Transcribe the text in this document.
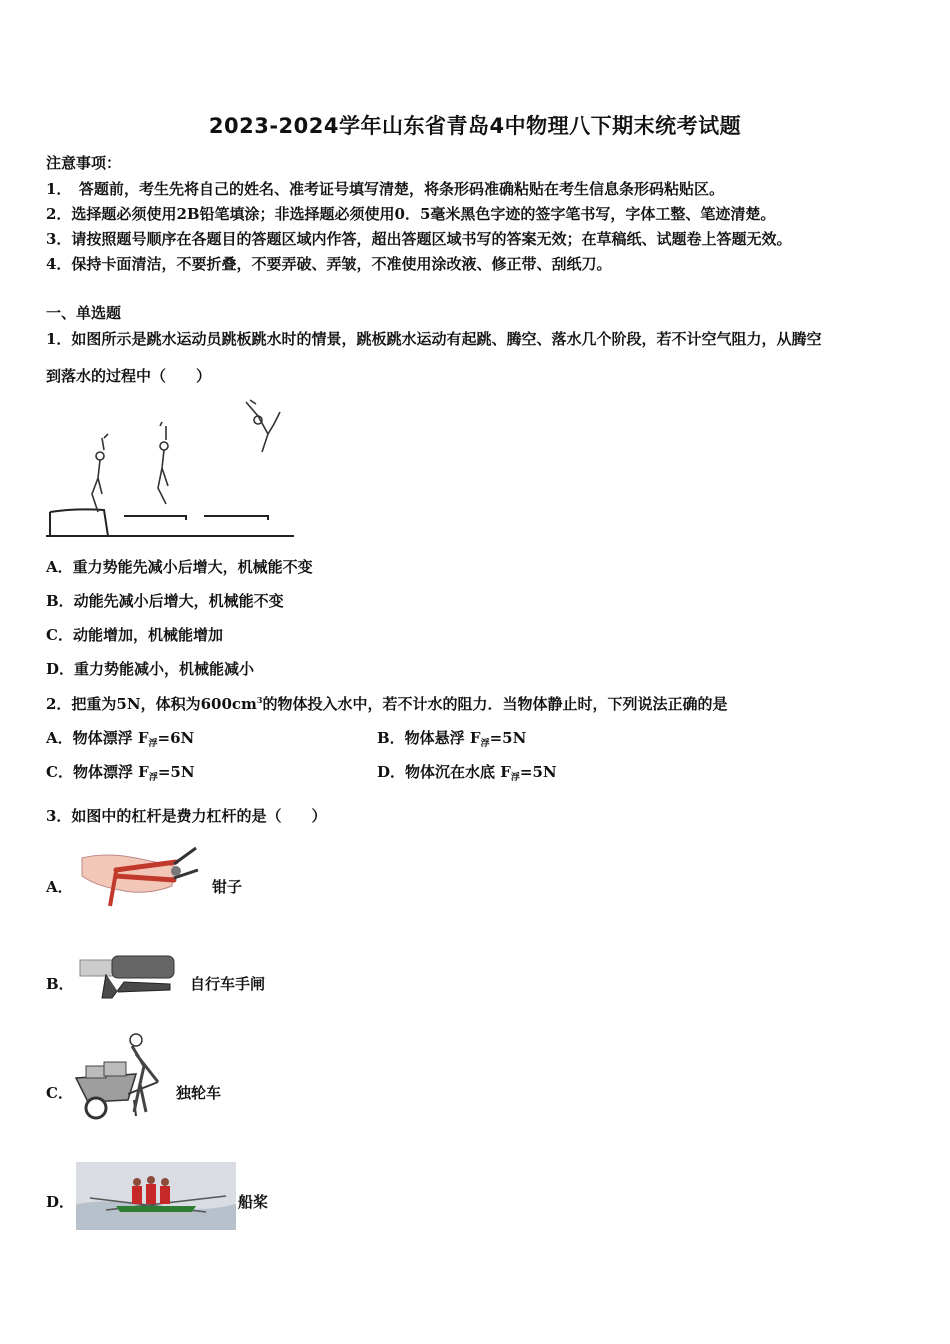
2023-2024学年山东省青岛4中物理八下期末统考试题
注意事项：
1．　答题前，考生先将自己的姓名、准考证号填写清楚，将条形码准确粘贴在考生信息条形码粘贴区。
2．选择题必须使用2B铅笔填涂；非选择题必须使用0．5毫米黑色字迹的签字笔书写，字体工整、笔迹清楚。
3．请按照题号顺序在各题目的答题区域内作答，超出答题区域书写的答案无效；在草稿纸、试题卷上答题无效。
4．保持卡面清洁，不要折叠，不要弄破、弄皱，不准使用涂改液、修正带、刮纸刀。
一、单选题
1．如图所示是跳水运动员跳板跳水时的情景，跳板跳水运动有起跳、腾空、落水几个阶段，若不计空气阻力，从腾空
到落水的过程中（　　）
A．重力势能先减小后增大，机械能不变
B．动能先减小后增大，机械能不变
C．动能增加，机械能增加
D．重力势能减小，机械能减小
2．把重为5N，体积为$600cm^3$的物体投入水中，若不计水的阻力．当物体静止时，下列说法正确的是
A．物体漂浮 $F_浮=6N$	B．物体悬浮 $F_浮=5N$
C．物体漂浮 $F_浮=5N$	D．物体沉在水底 $F_浮=5N$
3．如图中的杠杆是费力杠杆的是（　　）
A．	钳子
B．	自行车手闸
C．	独轮车
D．	船桨
